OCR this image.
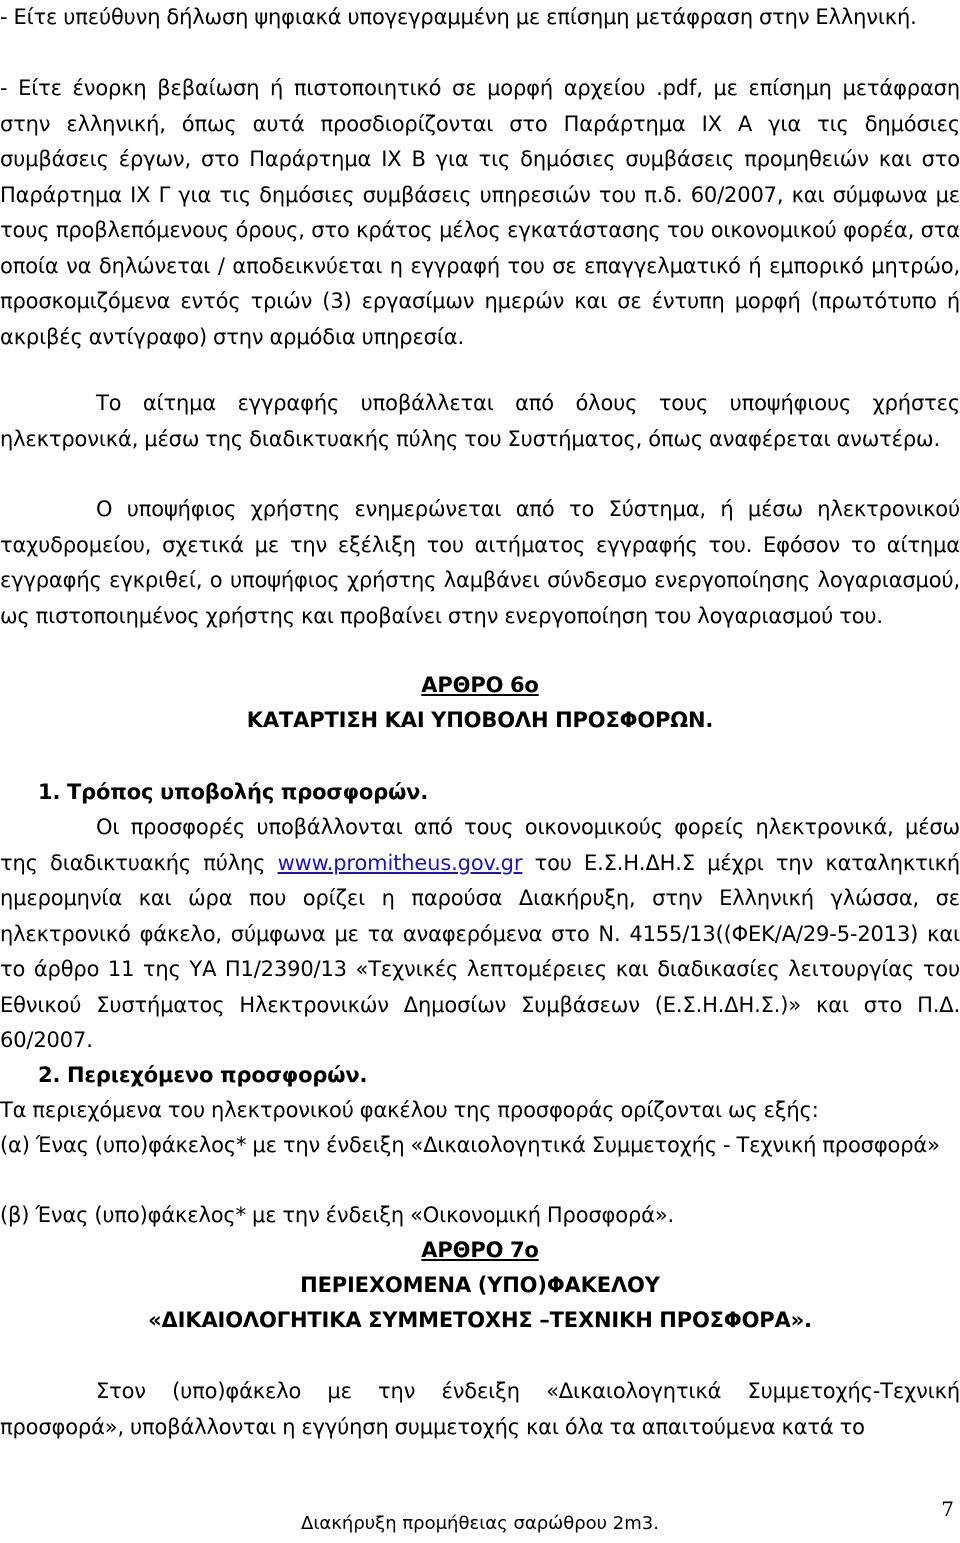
- Είτε υπεύθυνη δήλωση ψηφιακά υπογεγραμμένη με επίσημη μετάφραση στην Ελληνική.

- Είτε ένορκη βεβαίωση ή πιστοποιητικό σε μορφή αρχείου .pdf, με επίσημη μετάφραση στην ελληνική, όπως αυτά προσδιορίζονται στο Παράρτημα ΙΧ Α για τις δημόσιες συμβάσεις έργων, στο Παράρτημα ΙΧ Β για τις δημόσιες συμβάσεις προμηθειών και στο Παράρτημα ΙΧ Γ για τις δημόσιες συμβάσεις υπηρεσιών του π.δ. 60/2007, και σύμφωνα με τους προβλεπόμενους όρους, στο κράτος μέλος εγκατάστασης του οικονομικού φορέα, στα οποία να δηλώνεται / αποδεικνύεται η εγγραφή του σε επαγγελματικό ή εμπορικό μητρώο, προσκομιζόμενα εντός τριών (3) εργασίμων ημερών και σε έντυπη μορφή (πρωτότυπο ή ακριβές αντίγραφο) στην αρμόδια υπηρεσία.

Το αίτημα εγγραφής υποβάλλεται από όλους τους υποψήφιους χρήστες ηλεκτρονικά, μέσω της διαδικτυακής πύλης του Συστήματος, όπως αναφέρεται ανωτέρω.

Ο υποψήφιος χρήστης ενημερώνεται από το Σύστημα, ή μέσω ηλεκτρονικού ταχυδρομείου, σχετικά με την εξέλιξη του αιτήματος εγγραφής του. Εφόσον το αίτημα εγγραφής εγκριθεί, ο υποψήφιος χρήστης λαμβάνει σύνδεσμο ενεργοποίησης λογαριασμού, ως πιστοποιημένος χρήστης και προβαίνει στην ενεργοποίηση του λογαριασμού του.

ΑΡΘΡΟ 6ο

ΚΑΤΑΡΤΙΣΗ ΚΑΙ ΥΠΟΒΟΛΗ ΠΡΟΣΦΟΡΩΝ.

1. Τρόπος υποβολής προσφορών.

Οι προσφορές υποβάλλονται από τους οικονομικούς φορείς ηλεκτρονικά, μέσω της διαδικτυακής πύλης www.promitheus.gov.gr του Ε.Σ.Η.ΔΗ.Σ μέχρι την καταληκτική ημερομηνία και ώρα που ορίζει η παρούσα Διακήρυξη, στην Ελληνική γλώσσα, σε ηλεκτρονικό φάκελο, σύμφωνα με τα αναφερόμενα στο Ν. 4155/13((ΦΕΚ/Α/29-5-2013) και το άρθρο 11 της ΥΑ Π1/2390/13 «Τεχνικές λεπτομέρειες και διαδικασίες λειτουργίας του Εθνικού Συστήματος Ηλεκτρονικών Δημοσίων Συμβάσεων (Ε.Σ.Η.ΔΗ.Σ.)» και στο Π.Δ. 60/2007.

2. Περιεχόμενο προσφορών.

Τα περιεχόμενα του ηλεκτρονικού φακέλου της προσφοράς ορίζονται ως εξής:

(α) Ένας (υπο)φάκελος* με την ένδειξη «Δικαιολογητικά Συμμετοχής - Τεχνική προσφορά»

(β) Ένας (υπο)φάκελος* με την ένδειξη «Οικονομική Προσφορά».

ΑΡΘΡΟ 7ο

ΠΕΡΙΕΧΟΜΕΝΑ (ΥΠΟ)ΦΑΚΕΛΟΥ

«ΔΙΚΑΙΟΛΟΓΗΤΙΚΑ ΣΥΜΜΕΤΟΧΗΣ –ΤΕΧΝΙΚΗ ΠΡΟΣΦΟΡΑ».

Στον (υπο)φάκελο με την ένδειξη «Δικαιολογητικά Συμμετοχής-Τεχνική προσφορά», υποβάλλονται η εγγύηση συμμετοχής και όλα τα απαιτούμενα κατά το

7
Διακήρυξη προμήθειας σαρώθρου 2m3.
